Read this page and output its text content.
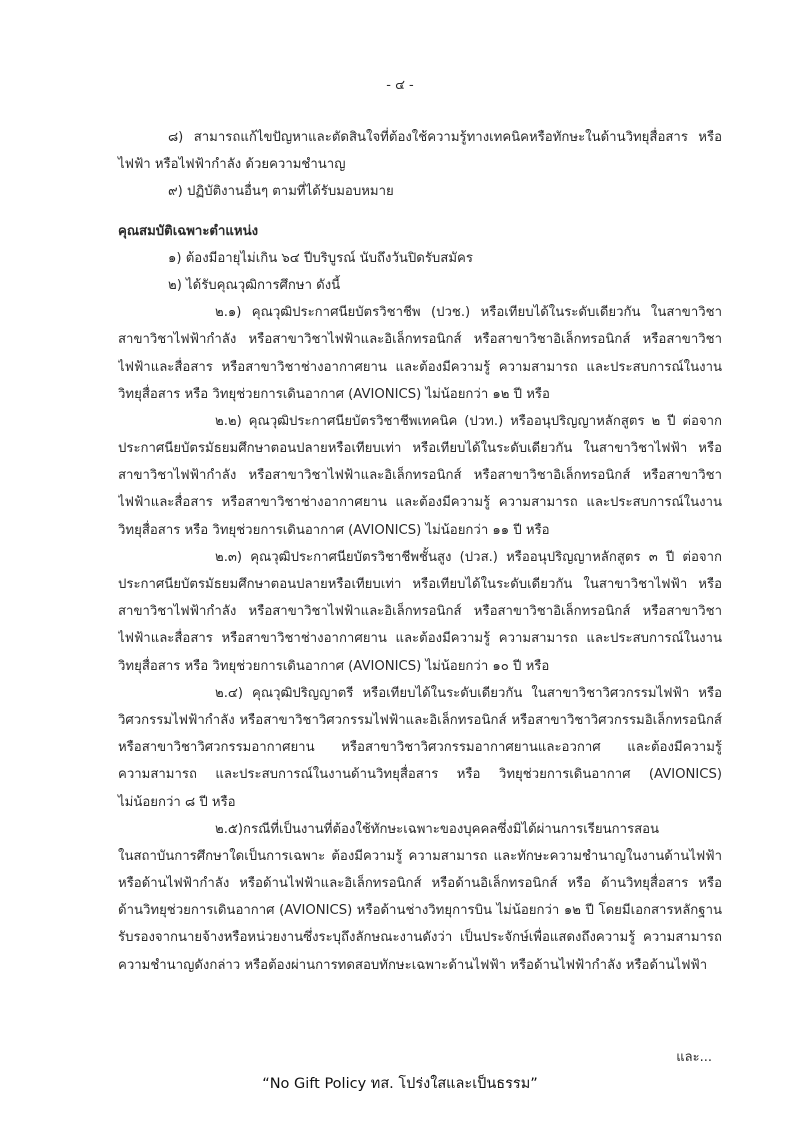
- ๔ -
๘) สามารถแก้ไขปัญหาและตัดสินใจที่ต้องใช้ความรู้ทางเทคนิคหรือทักษะในด้านวิทยุสื่อสาร หรือ
ไฟฟ้า หรือไฟฟ้ากำลัง ด้วยความชำนาญ
๙) ปฏิบัติงานอื่นๆ ตามที่ได้รับมอบหมาย
คุณสมบัติเฉพาะตำแหน่ง
๑) ต้องมีอายุไม่เกิน ๖๔ ปีบริบูรณ์ นับถึงวันปิดรับสมัคร
๒) ได้รับคุณวุฒิการศึกษา ดังนี้
๒.๑) คุณวุฒิประกาศนียบัตรวิชาชีพ (ปวช.) หรือเทียบได้ในระดับเดียวกัน ในสาขาวิชา
สาขาวิชาไฟฟ้ากำลัง หรือสาขาวิชาไฟฟ้าและอิเล็กทรอนิกส์ หรือสาขาวิชาอิเล็กทรอนิกส์ หรือสาขาวิชา
ไฟฟ้าและสื่อสาร หรือสาขาวิชาช่างอากาศยาน และต้องมีความรู้ ความสามารถ และประสบการณ์ในงาน
วิทยุสื่อสาร หรือ วิทยุช่วยการเดินอากาศ (AVIONICS) ไม่น้อยกว่า ๑๒ ปี หรือ
๒.๒) คุณวุฒิประกาศนียบัตรวิชาชีพเทคนิค (ปวท.) หรืออนุปริญญาหลักสูตร ๒ ปี ต่อจาก
ประกาศนียบัตรมัธยมศึกษาตอนปลายหรือเทียบเท่า หรือเทียบได้ในระดับเดียวกัน ในสาขาวิชาไฟฟ้า หรือ
สาขาวิชาไฟฟ้ากำลัง หรือสาขาวิชาไฟฟ้าและอิเล็กทรอนิกส์ หรือสาขาวิชาอิเล็กทรอนิกส์ หรือสาขาวิชา
ไฟฟ้าและสื่อสาร หรือสาขาวิชาช่างอากาศยาน และต้องมีความรู้ ความสามารถ และประสบการณ์ในงาน
วิทยุสื่อสาร หรือ วิทยุช่วยการเดินอากาศ (AVIONICS) ไม่น้อยกว่า ๑๑ ปี หรือ
๒.๓) คุณวุฒิประกาศนียบัตรวิชาชีพชั้นสูง (ปวส.) หรืออนุปริญญาหลักสูตร ๓ ปี ต่อจาก
ประกาศนียบัตรมัธยมศึกษาตอนปลายหรือเทียบเท่า หรือเทียบได้ในระดับเดียวกัน ในสาขาวิชาไฟฟ้า หรือ
สาขาวิชาไฟฟ้ากำลัง หรือสาขาวิชาไฟฟ้าและอิเล็กทรอนิกส์ หรือสาขาวิชาอิเล็กทรอนิกส์ หรือสาขาวิชา
ไฟฟ้าและสื่อสาร หรือสาขาวิชาช่างอากาศยาน และต้องมีความรู้ ความสามารถ และประสบการณ์ในงาน
วิทยุสื่อสาร หรือ วิทยุช่วยการเดินอากาศ (AVIONICS) ไม่น้อยกว่า ๑๐ ปี หรือ
๒.๔) คุณวุฒิปริญญาตรี หรือเทียบได้ในระดับเดียวกัน ในสาขาวิชาวิศวกรรมไฟฟ้า หรือ
วิศวกรรมไฟฟ้ากำลัง หรือสาขาวิชาวิศวกรรมไฟฟ้าและอิเล็กทรอนิกส์ หรือสาขาวิชาวิศวกรรมอิเล็กทรอนิกส์
หรือสาขาวิชาวิศวกรรมอากาศยาน หรือสาขาวิชาวิศวกรรมอากาศยานและอวกาศ และต้องมีความรู้
ความสามารถ และประสบการณ์ในงานด้านวิทยุสื่อสาร หรือ วิทยุช่วยการเดินอากาศ (AVIONICS)
ไม่น้อยกว่า ๘ ปี หรือ
๒.๕)กรณีที่เป็นงานที่ต้องใช้ทักษะเฉพาะของบุคคลซึ่งมิได้ผ่านการเรียนการสอน
ในสถาบันการศึกษาใดเป็นการเฉพาะ ต้องมีความรู้ ความสามารถ และทักษะความชำนาญในงานด้านไฟฟ้า
หรือด้านไฟฟ้ากำลัง หรือด้านไฟฟ้าและอิเล็กทรอนิกส์ หรือด้านอิเล็กทรอนิกส์ หรือ ด้านวิทยุสื่อสาร หรือ
ด้านวิทยุช่วยการเดินอากาศ (AVIONICS) หรือด้านช่างวิทยุการบิน ไม่น้อยกว่า ๑๒ ปี โดยมีเอกสารหลักฐาน
รับรองจากนายจ้างหรือหน่วยงานซึ่งระบุถึงลักษณะงานดังว่า เป็นประจักษ์เพื่อแสดงถึงความรู้ ความสามารถ
ความชำนาญดังกล่าว หรือต้องผ่านการทดสอบทักษะเฉพาะด้านไฟฟ้า หรือด้านไฟฟ้ากำลัง หรือด้านไฟฟ้า
และ...
“No Gift Policy ทส. โปร่งใสและเป็นธรรม”
